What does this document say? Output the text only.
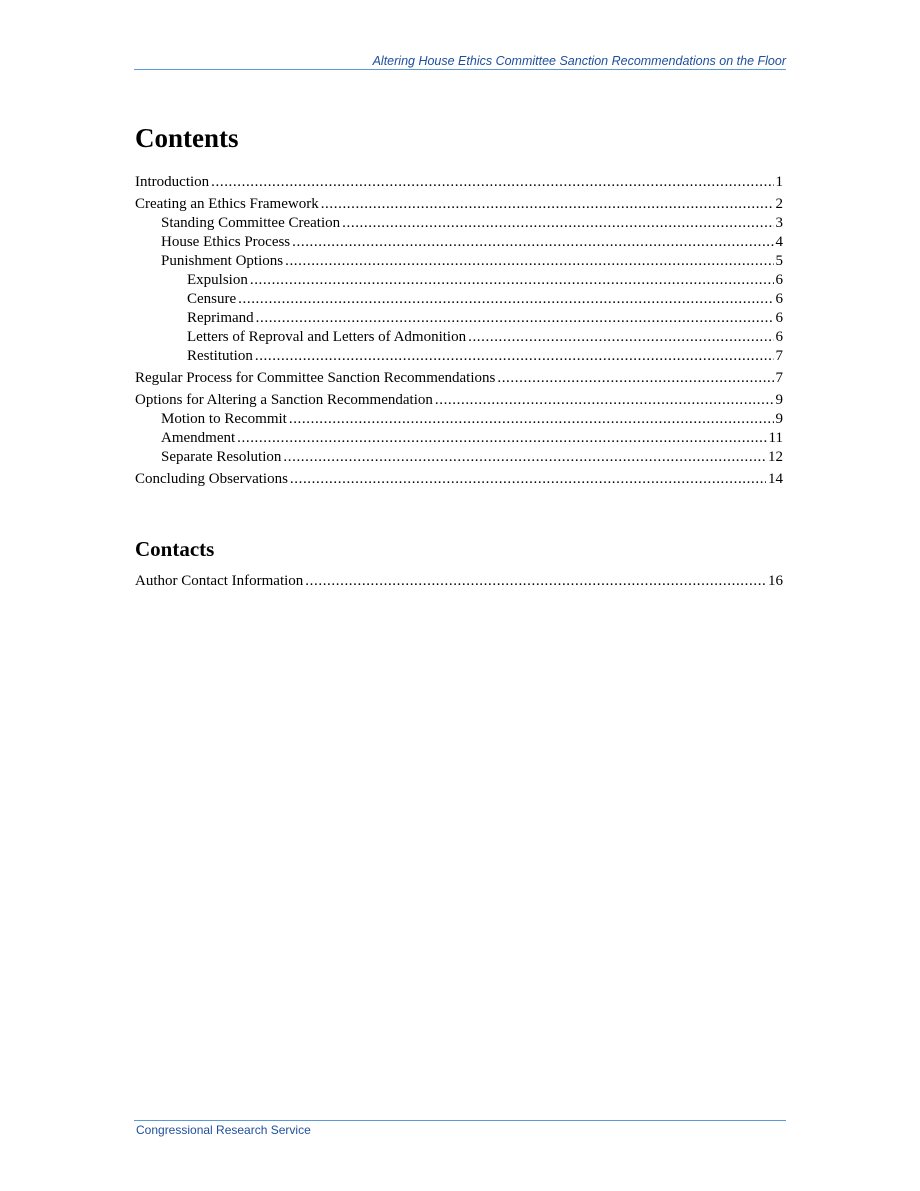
Altering House Ethics Committee Sanction Recommendations on the Floor
Contents
Introduction .....	1
Creating an Ethics Framework .....	2
Standing Committee Creation .....	3
House Ethics Process .....	4
Punishment Options .....	5
Expulsion .....	6
Censure .....	6
Reprimand .....	6
Letters of Reproval and Letters of Admonition .....	6
Restitution .....	7
Regular Process for Committee Sanction Recommendations .....	7
Options for Altering a Sanction Recommendation .....	9
Motion to Recommit .....	9
Amendment .....	11
Separate Resolution .....	12
Concluding Observations .....	14
Contacts
Author Contact Information .....	16
Congressional Research Service
